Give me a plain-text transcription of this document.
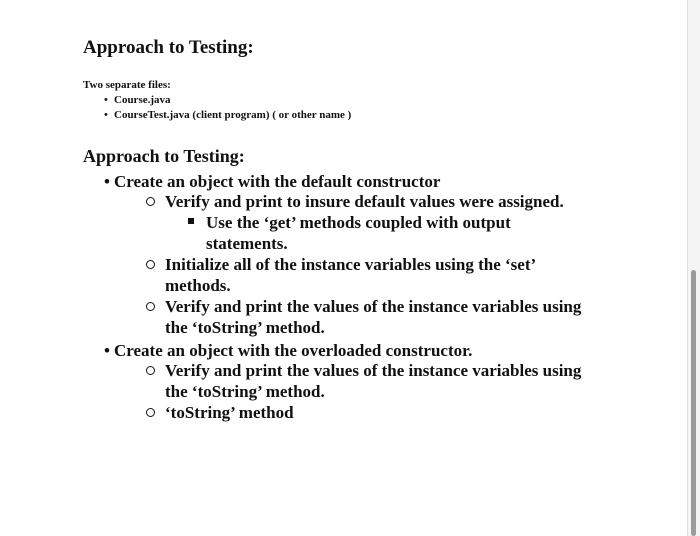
Approach to Testing:

Two separate files:

• Course.java
• CourseTest.java (client program) ( or other name )
Approach to Testing:
• Create an object with the default constructor
Verify and print to insure default values were assigned.
Use the ‘get’ methods coupled with output
statements.
Initialize all of the instance variables using the ‘set’
methods.
Verify and print the values of the instance variables using
the ‘toString’ method.
• Create an object with the overloaded constructor.
Verify and print the values of the instance variables using
the ‘toString’ method.
‘toString’ method
